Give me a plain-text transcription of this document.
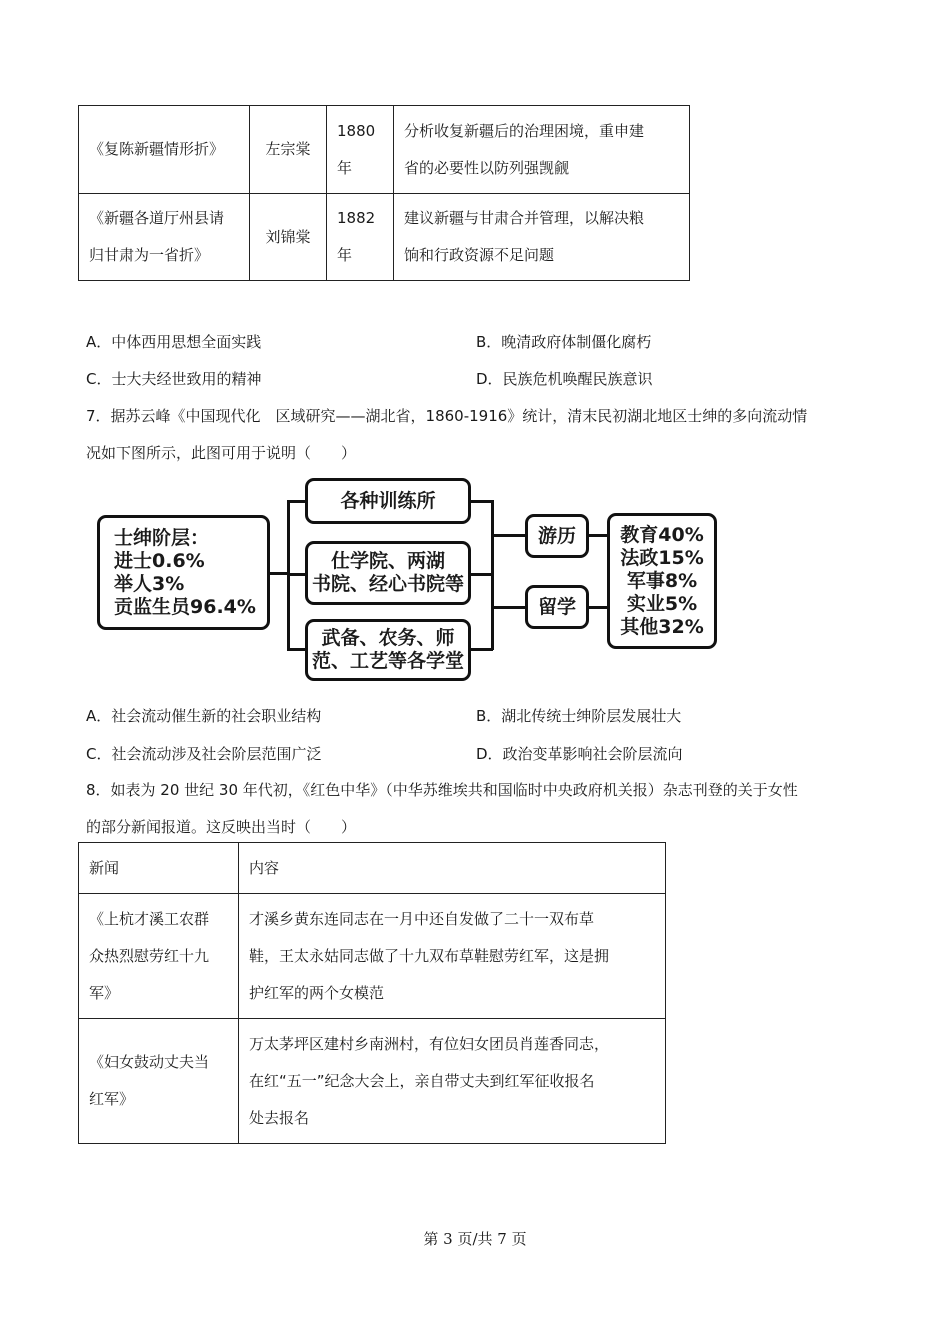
《复陈新疆情形折》	左宗棠	1880
年	分析收复新疆后的治理困境，重申建
省的必要性以防列强觊觎
《新疆各道厅州县请
归甘肃为一省折》	刘锦棠	1882
年	建议新疆与甘肃合并管理，以解决粮
饷和行政资源不足问题
A．中体西用思想全面实践	B．晚清政府体制僵化腐朽
C．士大夫经世致用的精神	D．民族危机唤醒民族意识
7．据苏云峰《中国现代化　区域研究——湖北省，1860-1916》统计，清末民初湖北地区士绅的多向流动情
况如下图所示，此图可用于说明（　　）
士绅阶层：
进士0.6%
举人3%
贡监生员96.4%
各种训练所
仕学院、两湖
书院、经心书院等
武备、农务、师
范、工艺等各学堂
游历
留学
教育40%
法政15%
军事8%
实业5%
其他32%
A．社会流动催生新的社会职业结构	B．湖北传统士绅阶层发展壮大
C．社会流动涉及社会阶层范围广泛	D．政治变革影响社会阶层流向
8．如表为 20 世纪 30 年代初，《红色中华》（中华苏维埃共和国临时中央政府机关报）杂志刊登的关于女性
的部分新闻报道。这反映出当时（　　）
新闻	内容
《上杭才溪工农群
众热烈慰劳红十九
军》	才溪乡黄东连同志在一月中还自发做了二十一双布草
鞋，王太永姑同志做了十九双布草鞋慰劳红军，这是拥
护红军的两个女模范
《妇女鼓动丈夫当
红军》	万太茅坪区建村乡南洲村，有位妇女团员肖莲香同志，
在红“五一”纪念大会上，亲自带丈夫到红军征收报名
处去报名
第 3 页/共 7 页
